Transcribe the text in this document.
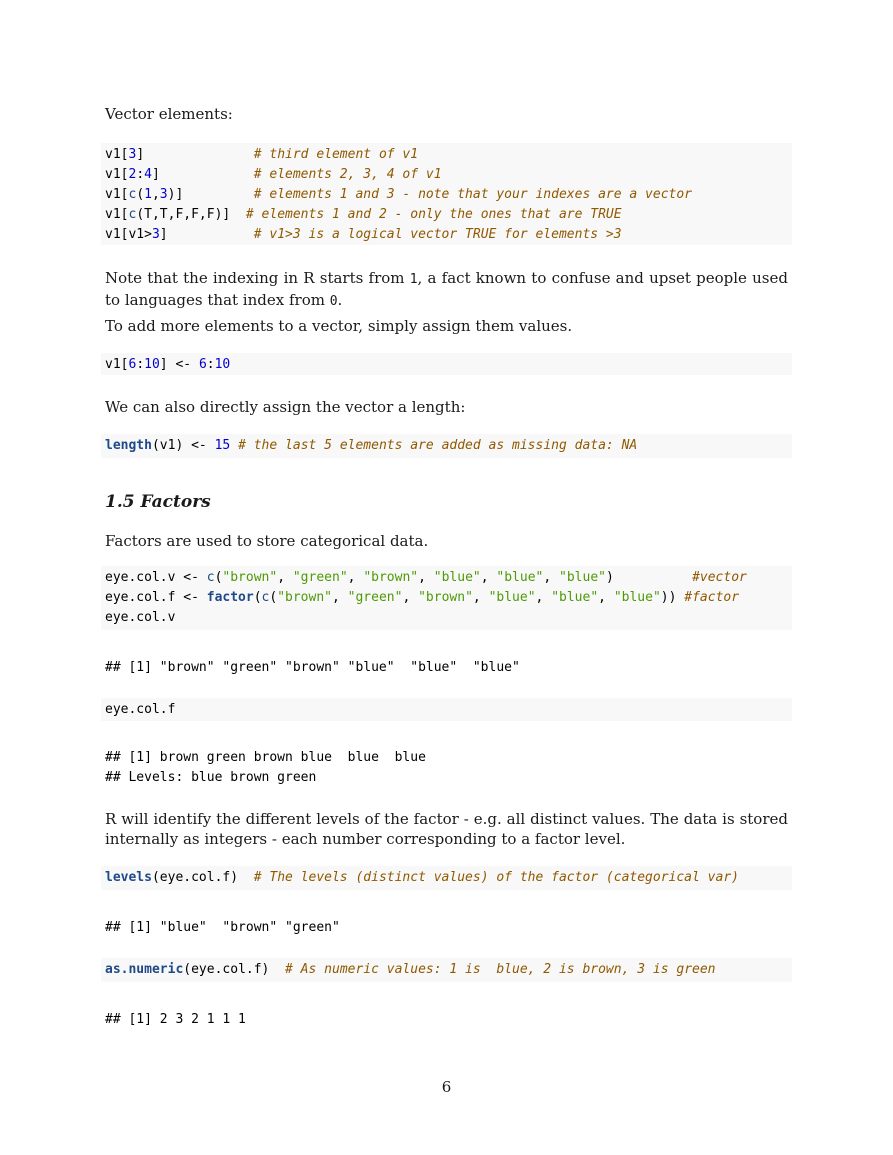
Vector elements:

v1[3]              # third element of v1
v1[2:4]            # elements 2, 3, 4 of v1
v1[c(1,3)]         # elements 1 and 3 - note that your indexes are a vector
v1[c(T,T,F,F,F)]  # elements 1 and 2 - only the ones that are TRUE
v1[v1>3]           # v1>3 is a logical vector TRUE for elements >3

Note that the indexing in R starts from 1, a fact known to confuse and upset people used to languages that index from 0.

To add more elements to a vector, simply assign them values.

v1[6:10] <- 6:10

We can also directly assign the vector a length:

length(v1) <- 15 # the last 5 elements are added as missing data: NA
1.5 Factors

Factors are used to store categorical data.

eye.col.v <- c("brown", "green", "brown", "blue", "blue", "blue")          #vector
eye.col.f <- factor(c("brown", "green", "brown", "blue", "blue", "blue")) #factor
eye.col.v
## [1] "brown" "green" "brown" "blue"  "blue"  "blue"
eye.col.f
## [1] brown green brown blue  blue  blue
## Levels: blue brown green

R will identify the different levels of the factor - e.g. all distinct values. The data is stored internally as integers - each number corresponding to a factor level.

levels(eye.col.f)  # The levels (distinct values) of the factor (categorical var)
## [1] "blue"  "brown" "green"
as.numeric(eye.col.f)  # As numeric values: 1 is  blue, 2 is brown, 3 is green
## [1] 2 3 2 1 1 1
6
